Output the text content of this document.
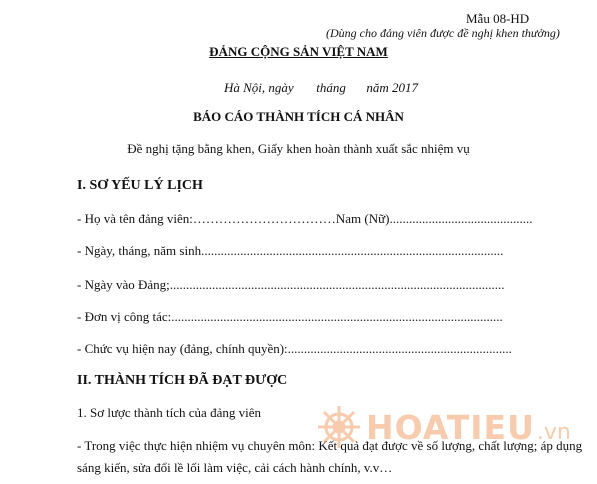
Mẫu 08-HD
(Dùng cho đảng viên được đề nghị khen thưởng)
ĐẢNG CỘNG SẢN VIỆT NAM
Hà Nội, ngày tháng năm 2017
BÁO CÁO THÀNH TÍCH CÁ NHÂN
Đề nghị tặng bằng khen, Giấy khen hoàn thành xuất sắc nhiệm vụ
I. SƠ YẾU LÝ LỊCH
- Họ và tên đảng viên:……………………………Nam (Nữ)............................................
- Ngày, tháng, năm sinh.............................................................................................
- Ngày vào Đảng;.......................................................................................................
- Đơn vị công tác:......................................................................................................
- Chức vụ hiện nay (đảng, chính quyền):.....................................................................
II. THÀNH TÍCH ĐÃ ĐẠT ĐƯỢC
1. Sơ lược thành tích của đảng viên
- Trong việc thực hiện nhiệm vụ chuyên môn: Kết quả đạt được về số lượng, chất lượng; áp dụng
sáng kiến, sửa đổi lề lối làm việc, cải cách hành chính, v.v…
HOATIEU .vn
